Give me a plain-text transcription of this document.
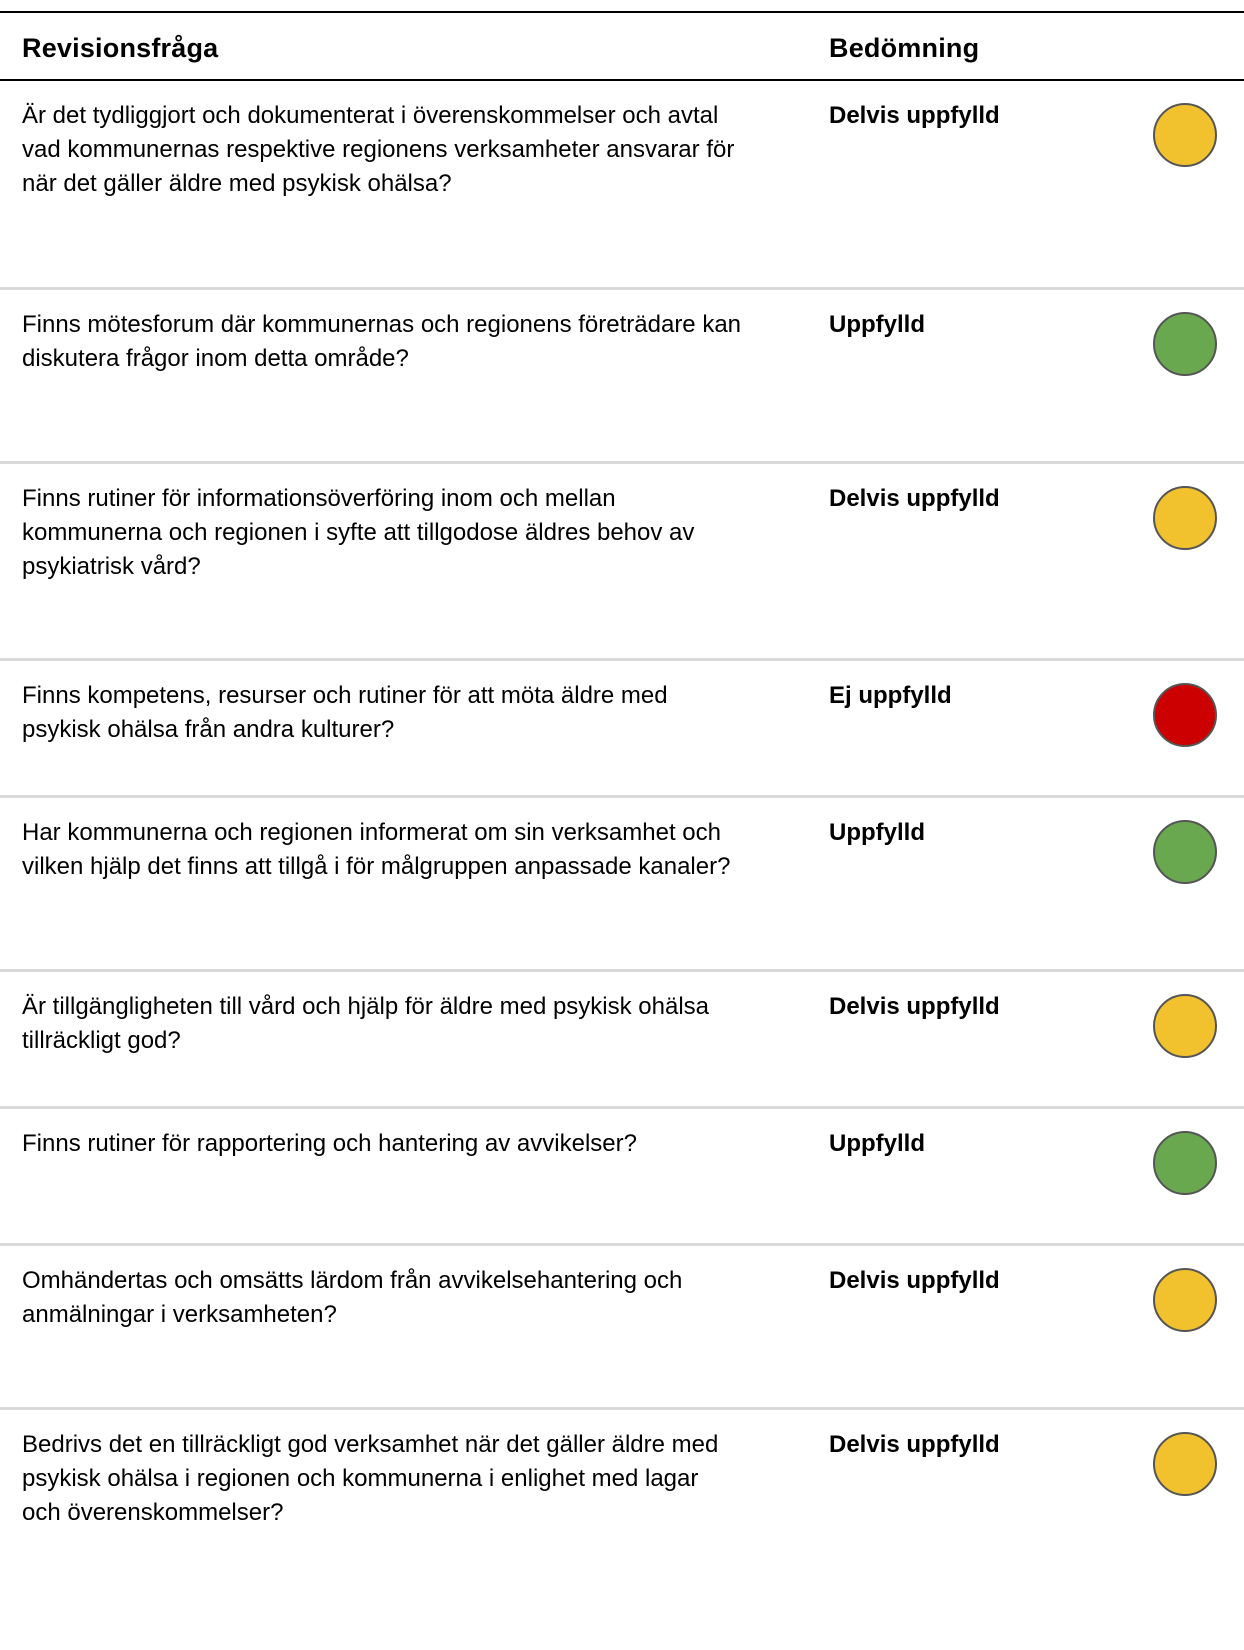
Revisionsfråga	Bedömning
Är det tydliggjort och dokumenterat i överenskommelser och avtal vad kommunernas respektive regionens verksamheter ansvarar för när det gäller äldre med psykisk ohälsa?
Delvis uppfylld
Finns mötesforum där kommunernas och regionens företrädare kan diskutera frågor inom detta område?
Uppfylld
Finns rutiner för informationsöverföring inom och mellan kommunerna och regionen i syfte att tillgodose äldres behov av psykiatrisk vård?
Delvis uppfylld
Finns kompetens, resurser och rutiner för att möta äldre med psykisk ohälsa från andra kulturer?
Ej uppfylld
Har kommunerna och regionen informerat om sin verksamhet och vilken hjälp det finns att tillgå i för målgruppen anpassade kanaler?
Uppfylld
Är tillgängligheten till vård och hjälp för äldre med psykisk ohälsa tillräckligt god?
Delvis uppfylld
Finns rutiner för rapportering och hantering av avvikelser?	Uppfylld
Omhändertas och omsätts lärdom från avvikelsehantering och anmälningar i verksamheten?
Delvis uppfylld
Bedrivs det en tillräckligt god verksamhet när det gäller äldre med psykisk ohälsa i regionen och kommunerna i enlighet med lagar och överenskommelser?
Delvis uppfylld
